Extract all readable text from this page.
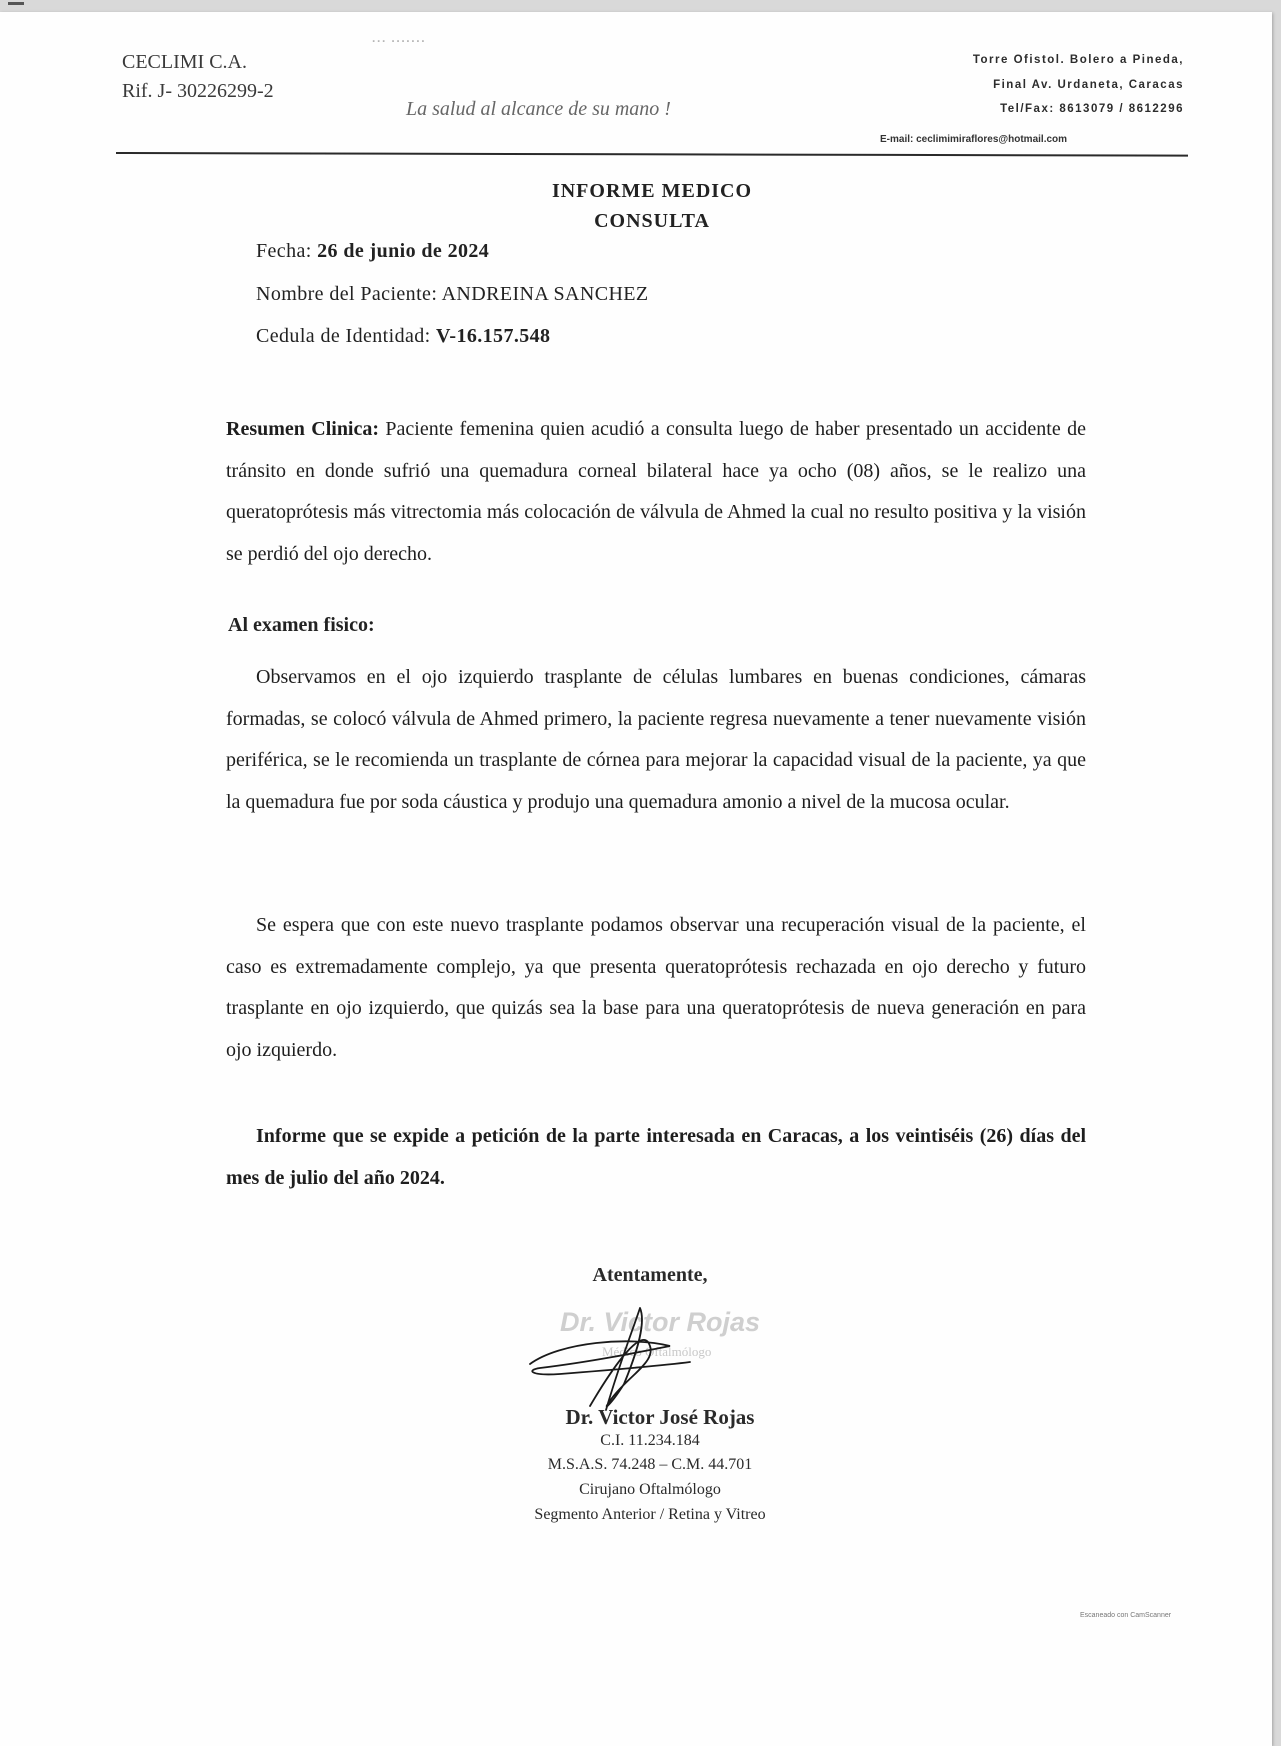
CECLIMI C.A.
Rif. J- 30226299-2
··· ·······
La salud al alcance de su mano !
Torre Ofistol. Bolero a Pineda,
Final Av. Urdaneta, Caracas
Tel/Fax: 8613079 / 8612296
E-mail: ceclimimiraflores@hotmail.com
INFORME MEDICO
CONSULTA
Fecha: 26 de junio de 2024
Nombre del Paciente: ANDREINA SANCHEZ
Cedula de Identidad: V-16.157.548
Resumen Clinica: Paciente femenina quien acudió a consulta luego de haber presentado un accidente de tránsito en donde sufrió una quemadura corneal bilateral hace ya ocho (08) años, se le realizo una queratoprótesis más vitrectomia más colocación de válvula de Ahmed la cual no resulto positiva y la visión se perdió del ojo derecho.
Al examen fisico:
Observamos en el ojo izquierdo trasplante de células lumbares en buenas condiciones, cámaras formadas, se colocó válvula de Ahmed primero, la paciente regresa nuevamente a tener nuevamente visión periférica, se le recomienda un trasplante de córnea para mejorar la capacidad visual de la paciente, ya que la quemadura fue por soda cáustica y produjo una quemadura amonio a nivel de la mucosa ocular.
Se espera que con este nuevo trasplante podamos observar una recuperación visual de la paciente, el caso es extremadamente complejo, ya que presenta queratoprótesis rechazada en ojo derecho y futuro trasplante en ojo izquierdo, que quizás sea la base para una queratoprótesis de nueva generación en para ojo izquierdo.
Informe que se expide a petición de la parte interesada en Caracas, a los veintiséis (26) días del mes de julio del año 2024.
Atentamente,
Dr. Victor Rojas
Médico Oftalmólogo
Dr. Victor José Rojas
C.I. 11.234.184
M.S.A.S. 74.248 – C.M. 44.701
Cirujano Oftalmólogo
Segmento Anterior / Retina y Vitreo
Escaneado con CamScanner
